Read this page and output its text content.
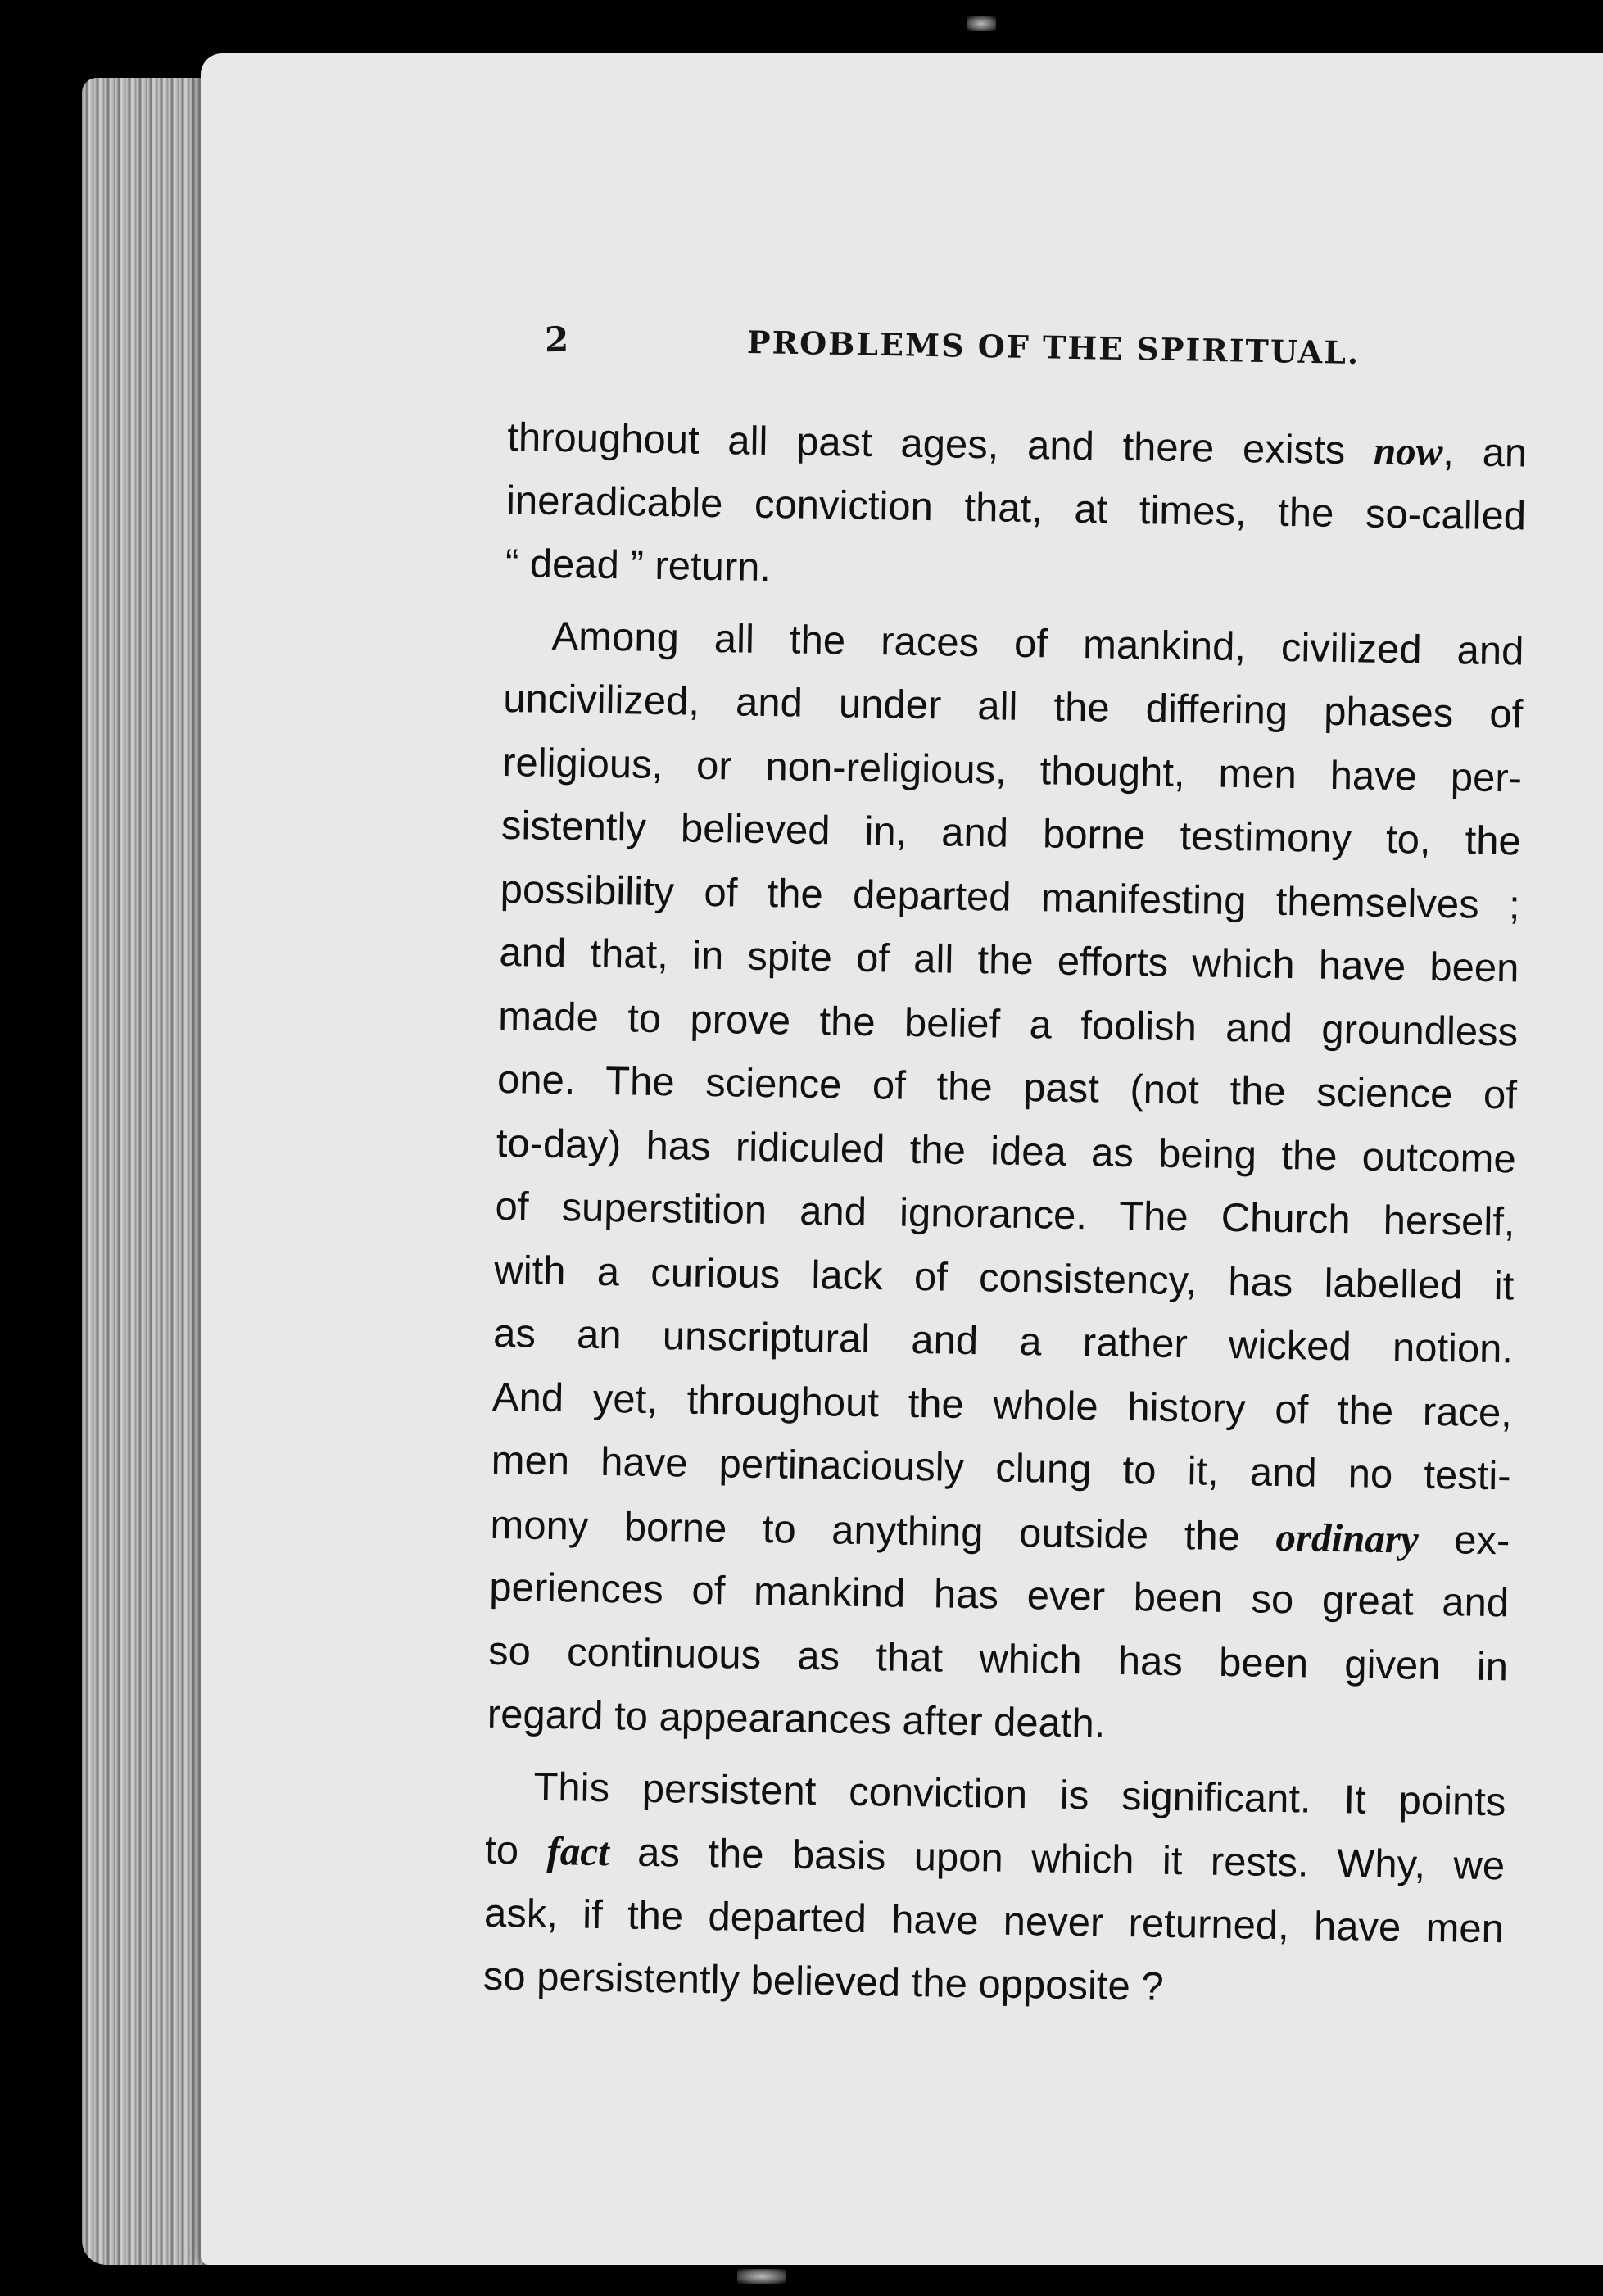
2	PROBLEMS OF THE SPIRITUAL.
throughout all past ages, and there exists now, an
ineradicable conviction that, at times, the so-called
“ dead ” return.
Among all the races of mankind, civilized and
uncivilized, and under all the differing phases of
religious, or non-religious, thought, men have per-
sistently believed in, and borne testimony to, the
possibility of the departed manifesting themselves ;
and that, in spite of all the efforts which have been
made to prove the belief a foolish and groundless
one. The science of the past (not the science of
to-day) has ridiculed the idea as being the outcome
of superstition and ignorance. The Church herself,
with a curious lack of consistency, has labelled it
as an unscriptural and a rather wicked notion.
And yet, throughout the whole history of the race,
men have pertinaciously clung to it, and no testi-
mony borne to anything outside the ordinary ex-
periences of mankind has ever been so great and
so continuous as that which has been given in
regard to appearances after death.
This persistent conviction is significant. It points
to fact as the basis upon which it rests. Why, we
ask, if the departed have never returned, have men
so persistently believed the opposite ?
